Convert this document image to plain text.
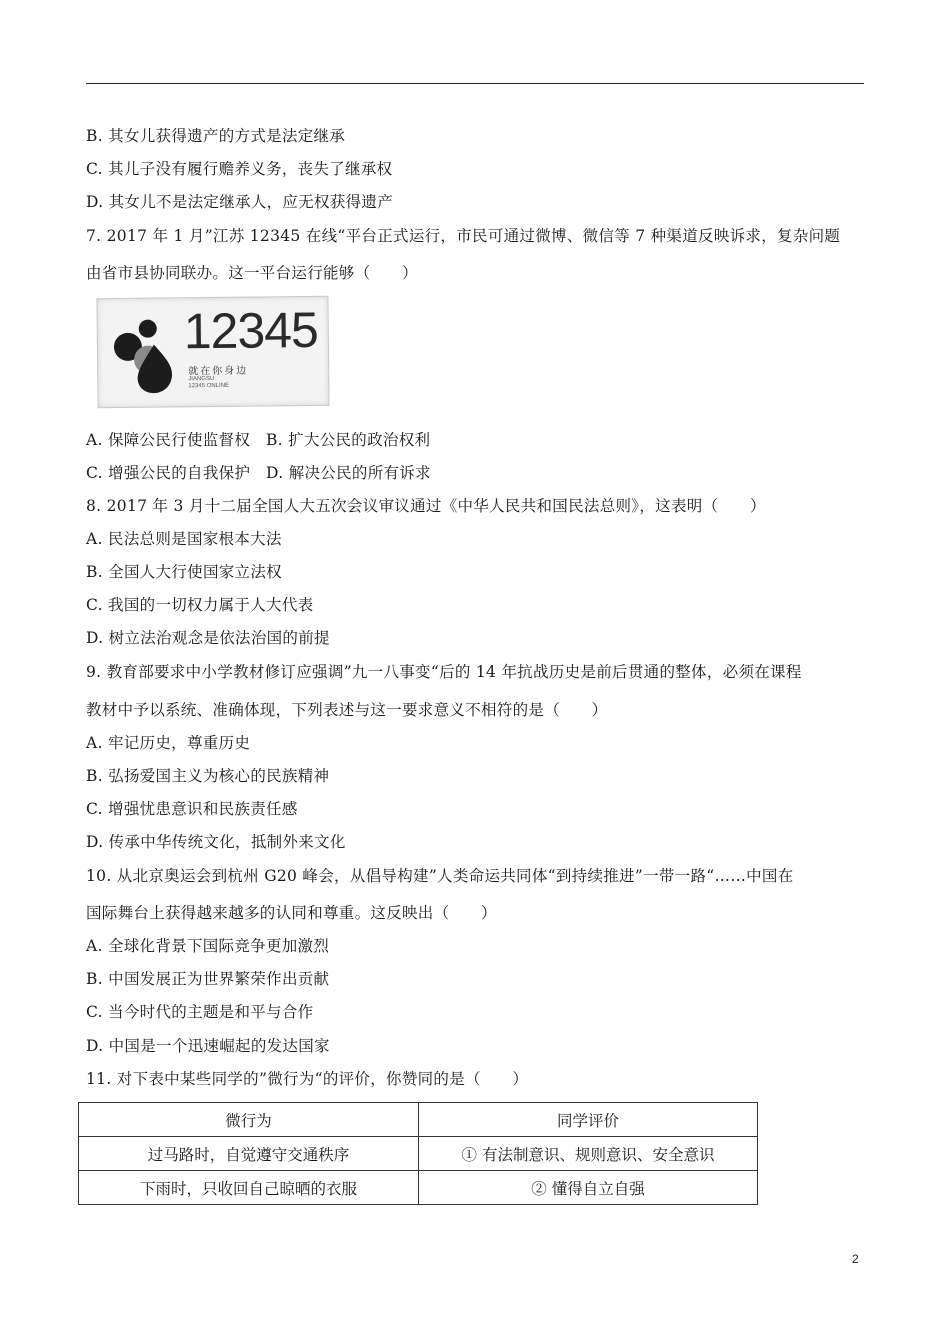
B. 其女儿获得遗产的方式是法定继承
C. 其儿子没有履行赡养义务，丧失了继承权
D. 其女儿不是法定继承人，应无权获得遗产
7. 2017 年 1 月”江苏 12345 在线“平台正式运行，市民可通过微博、微信等 7 种渠道反映诉求，复杂问题
由省市县协同联办。这一平台运行能够（　　）
12345
就在你身边
JIANGSU
12345 ONLINE
A. 保障公民行使监督权　B. 扩大公民的政治权利
C. 增强公民的自我保护　D. 解决公民的所有诉求
8. 2017 年 3 月十二届全国人大五次会议审议通过《中华人民共和国民法总则》，这表明（　　）
A. 民法总则是国家根本大法
B. 全国人大行使国家立法权
C. 我国的一切权力属于人大代表
D. 树立法治观念是依法治国的前提
9. 教育部要求中小学教材修订应强调”九一八事变“后的 14 年抗战历史是前后贯通的整体，必须在课程
教材中予以系统、准确体现，下列表述与这一要求意义不相符的是（　　）
A. 牢记历史，尊重历史
B. 弘扬爱国主义为核心的民族精神
C. 增强忧患意识和民族责任感
D. 传承中华传统文化，抵制外来文化
10. 从北京奥运会到杭州 G20 峰会，从倡导构建”人类命运共同体“到持续推进”一带一路“……中国在
国际舞台上获得越来越多的认同和尊重。这反映出（　　）
A. 全球化背景下国际竞争更加激烈
B. 中国发展正为世界繁荣作出贡献
C. 当今时代的主题是和平与合作
D. 中国是一个迅速崛起的发达国家
11. 对下表中某些同学的”微行为“的评价，你赞同的是（　　）
微行为	同学评价
过马路时，自觉遵守交通秩序	① 有法制意识、规则意识、安全意识
下雨时，只收回自己晾晒的衣服	② 懂得自立自强
2
